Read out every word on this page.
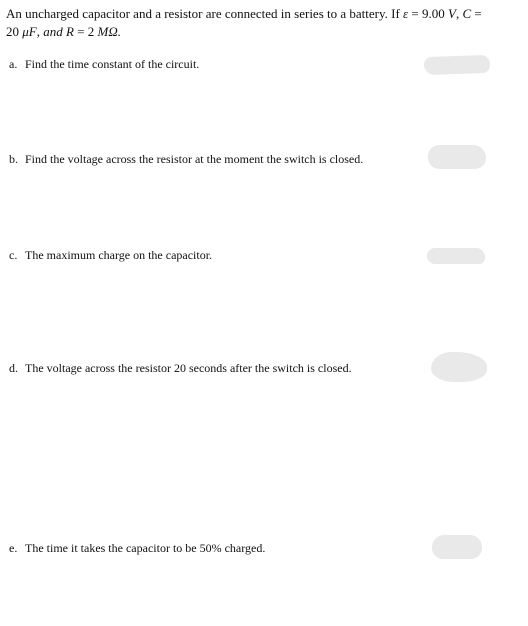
An uncharged capacitor and a resistor are connected in series to a battery. If ε = 9.00 V, C =
20 μF, and R = 2 MΩ.
a. Find the time constant of the circuit.
b. Find the voltage across the resistor at the moment the switch is closed.
c. The maximum charge on the capacitor.
d. The voltage across the resistor 20 seconds after the switch is closed.
e. The time it takes the capacitor to be 50% charged.
